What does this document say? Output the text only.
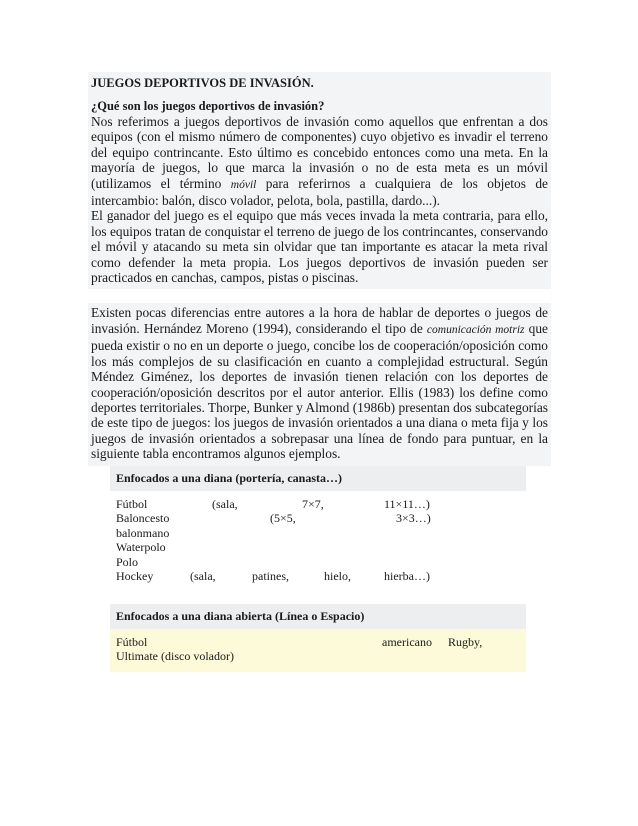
JUEGOS DEPORTIVOS DE INVASIÓN.

¿Qué son los juegos deportivos de invasión?

Nos referimos a juegos deportivos de invasión como aquellos que enfrentan a dos equipos (con el mismo número de componentes) cuyo objetivo es invadir el terreno del equipo contrincante. Esto último es concebido entonces como una meta. En la mayoría de juegos, lo que marca la invasión o no de esta meta es un móvil (utilizamos el término móvil para referirnos a cualquiera de los objetos de intercambio: balón, disco volador, pelota, bola, pastilla, dardo...).

El ganador del juego es el equipo que más veces invada la meta contraria, para ello, los equipos tratan de conquistar el terreno de juego de los contrincantes, conservando el móvil y atacando su meta sin olvidar que tan importante es atacar la meta rival como defender la meta propia. Los juegos deportivos de invasión pueden ser practicados en canchas, campos, pistas o piscinas.

Existen pocas diferencias entre autores a la hora de hablar de deportes o juegos de invasión. Hernández Moreno (1994), considerando el tipo de comunicación motriz que pueda existir o no en un deporte o juego, concibe los de cooperación/oposición como los más complejos de su clasificación en cuanto a complejidad estructural. Según Méndez Giménez, los deportes de invasión tienen relación con los deportes de cooperación/oposición descritos por el autor anterior. Ellis (1983) los define como deportes territoriales. Thorpe, Bunker y Almond (1986b) presentan dos subcategorías de este tipo de juegos: los juegos de invasión orientados a una diana o meta fija y los juegos de invasión orientados a sobrepasar una línea de fondo para puntuar, en la siguiente tabla encontramos algunos ejemplos.

Enfocados a una diana (portería, canasta…)
Fútbol	(sala,	7×7,	11×11…)
Baloncesto	(5×5,	3×3…)
balonmano
Waterpolo
Polo
Hockey	(sala,	patines,	hielo,	hierba…)
Enfocados a una diana abierta (Línea o Espacio)
Fútbol	americano	Rugby,
Ultimate (disco volador)
